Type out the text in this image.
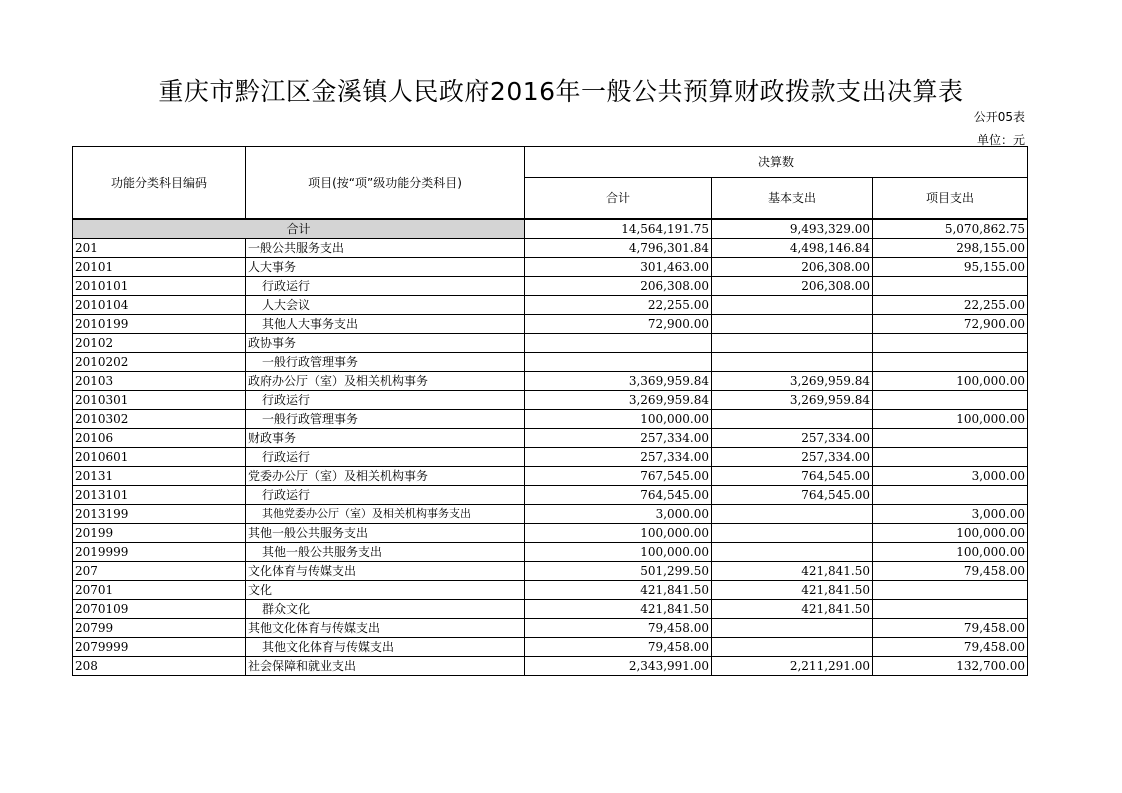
重庆市黔江区金溪镇人民政府2016年一般公共预算财政拨款支出决算表
公开05表
单位：元
功能分类科目编码	项目(按“项”级功能分类科目)	决算数		
		合计	基本支出	项目支出
合计		14,564,191.75	9,493,329.00	5,070,862.75
201	一般公共服务支出	4,796,301.84	4,498,146.84	298,155.00
20101	人大事务	301,463.00	206,308.00	95,155.00
2010101	行政运行	206,308.00	206,308.00	
2010104	人大会议	22,255.00		22,255.00
2010199	其他人大事务支出	72,900.00		72,900.00
20102	政协事务			
2010202	一般行政管理事务			
20103	政府办公厅（室）及相关机构事务	3,369,959.84	3,269,959.84	100,000.00
2010301	行政运行	3,269,959.84	3,269,959.84	
2010302	一般行政管理事务	100,000.00		100,000.00
20106	财政事务	257,334.00	257,334.00	
2010601	行政运行	257,334.00	257,334.00	
20131	党委办公厅（室）及相关机构事务	767,545.00	764,545.00	3,000.00
2013101	行政运行	764,545.00	764,545.00	
2013199	其他党委办公厅（室）及相关机构事务支出	3,000.00		3,000.00
20199	其他一般公共服务支出	100,000.00		100,000.00
2019999	其他一般公共服务支出	100,000.00		100,000.00
207	文化体育与传媒支出	501,299.50	421,841.50	79,458.00
20701	文化	421,841.50	421,841.50	
2070109	群众文化	421,841.50	421,841.50	
20799	其他文化体育与传媒支出	79,458.00		79,458.00
2079999	其他文化体育与传媒支出	79,458.00		79,458.00
208	社会保障和就业支出	2,343,991.00	2,211,291.00	132,700.00
